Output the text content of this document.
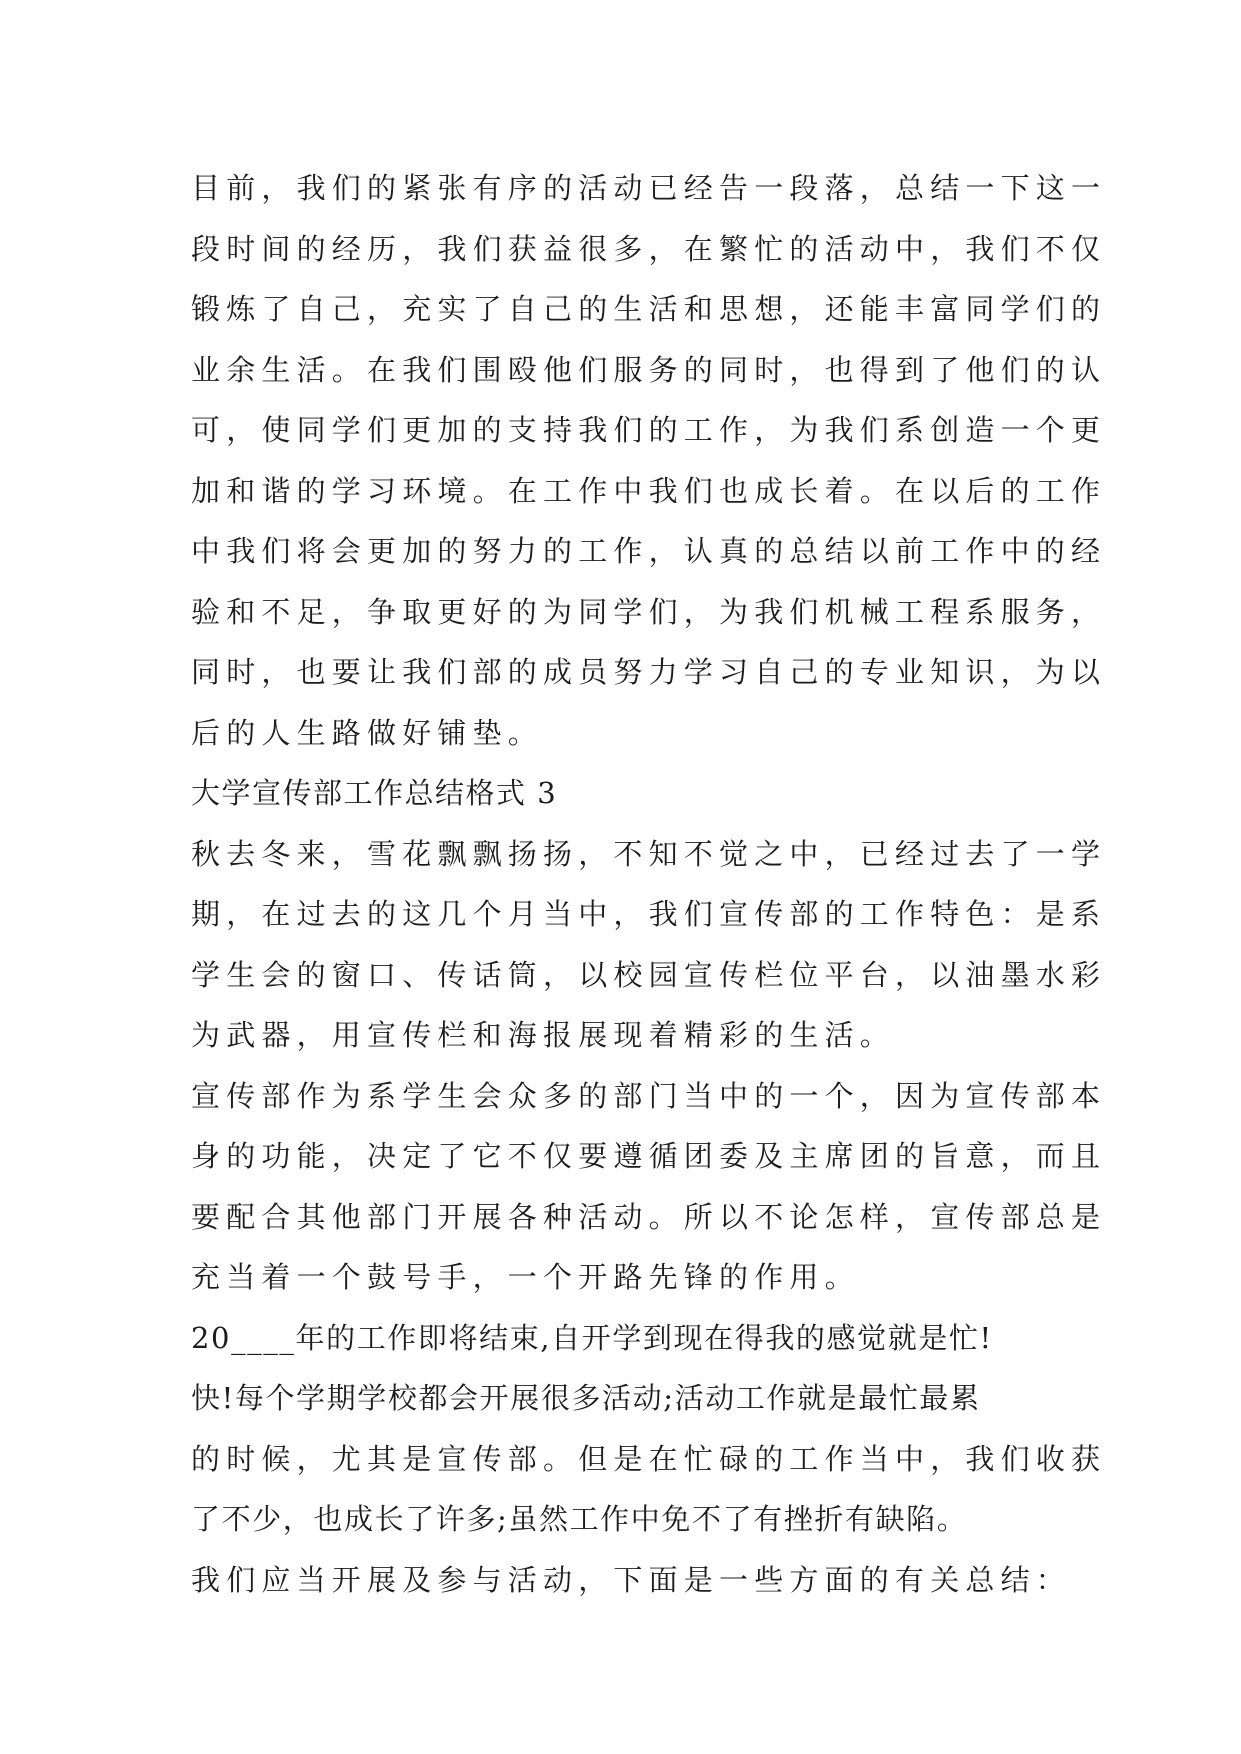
目前，我们的紧张有序的活动已经告一段落，总结一下这一
段时间的经历，我们获益很多，在繁忙的活动中，我们不仅
锻炼了自己，充实了自己的生活和思想，还能丰富同学们的
业余生活。在我们围殴他们服务的同时，也得到了他们的认
可，使同学们更加的支持我们的工作，为我们系创造一个更
加和谐的学习环境。在工作中我们也成长着。在以后的工作
中我们将会更加的努力的工作，认真的总结以前工作中的经
验和不足，争取更好的为同学们，为我们机械工程系服务，
同时，也要让我们部的成员努力学习自己的专业知识，为以
后的人生路做好铺垫。
大学宣传部工作总结格式 3
秋去冬来，雪花飘飘扬扬，不知不觉之中，已经过去了一学
期，在过去的这几个月当中，我们宣传部的工作特色：是系
学生会的窗口、传话筒，以校园宣传栏位平台，以油墨水彩
为武器，用宣传栏和海报展现着精彩的生活。
宣传部作为系学生会众多的部门当中的一个，因为宣传部本
身的功能，决定了它不仅要遵循团委及主席团的旨意，而且
要配合其他部门开展各种活动。所以不论怎样，宣传部总是
充当着一个鼓号手，一个开路先锋的作用。
20____年的工作即将结束,自开学到现在得我的感觉就是忙!
快!每个学期学校都会开展很多活动;活动工作就是最忙最累
的时候，尤其是宣传部。但是在忙碌的工作当中，我们收获
了不少，也成长了许多;虽然工作中免不了有挫折有缺陷。
我们应当开展及参与活动，下面是一些方面的有关总结：
